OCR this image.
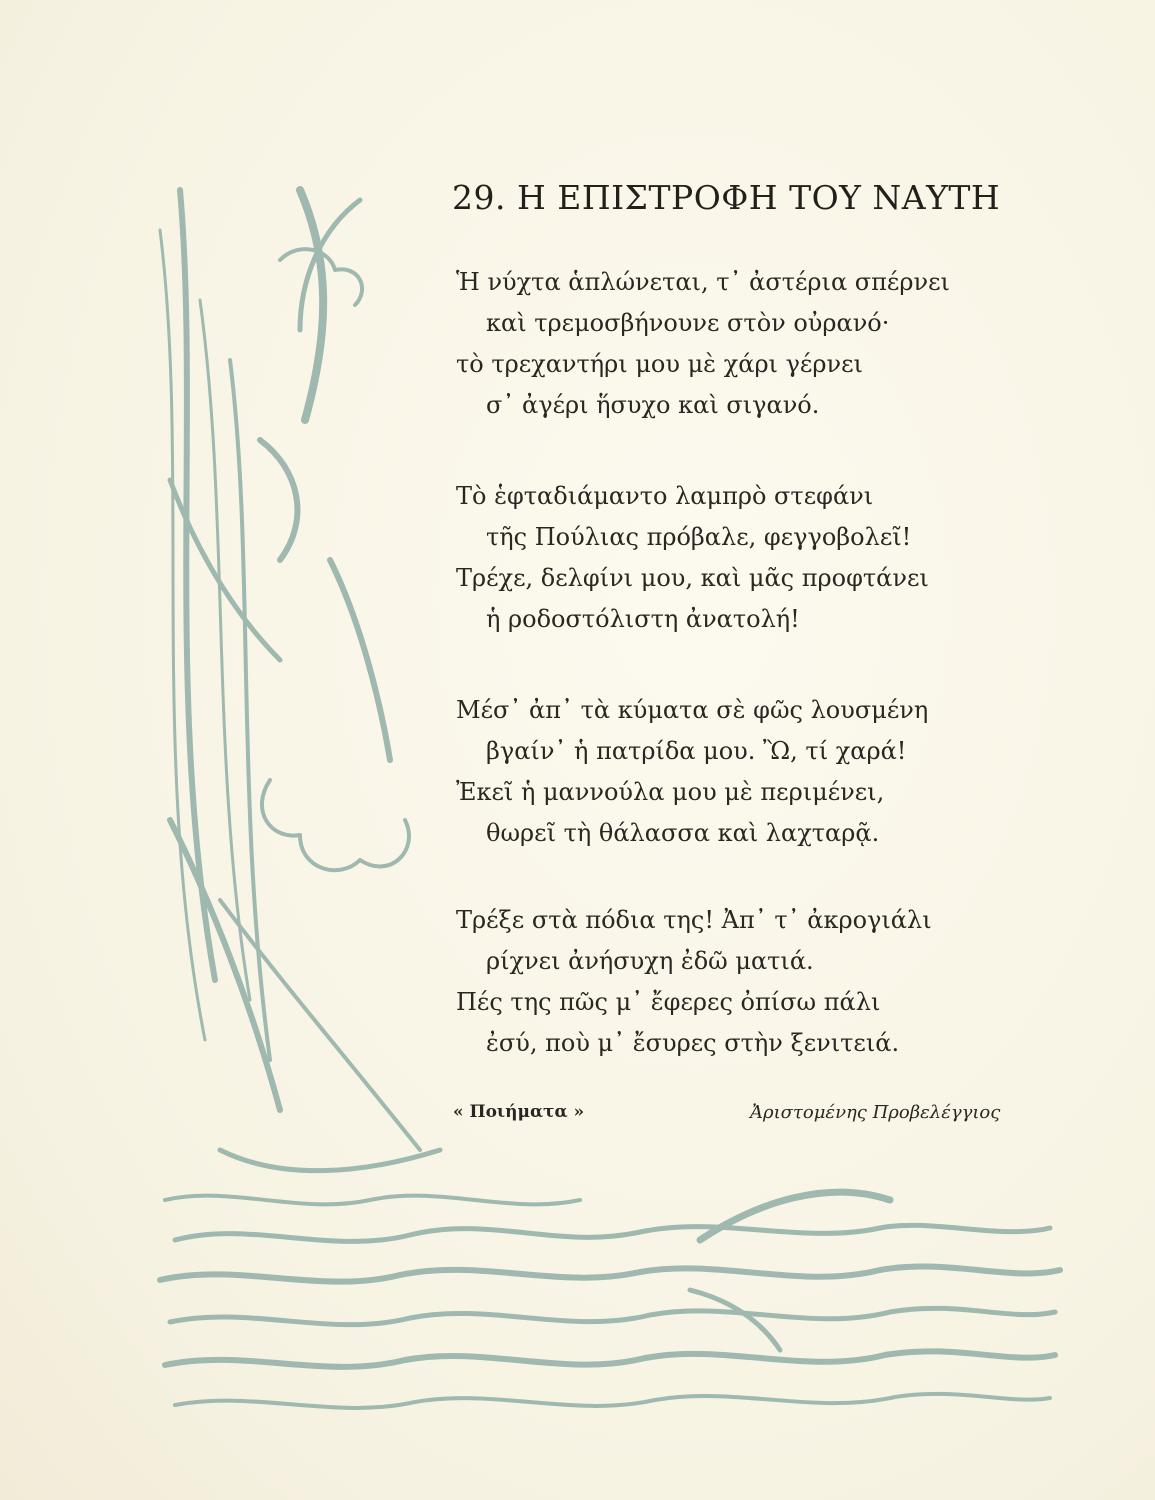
29. Η ΕΠΙΣΤΡΟΦΗ ΤΟΥ ΝΑΥΤΗ
Ἡ νύχτα ἁπλώνεται, τ᾽ ἀστέρια σπέρνει
καὶ τρεμοσβήνουνε στὸν οὐρανό·
τὸ τρεχαντήρι μου μὲ χάρι γέρνει
σ᾽ ἀγέρι ἥσυχο καὶ σιγανό.
Τὸ ἑφταδιάμαντο λαμπρὸ στεφάνι
τῆς Πούλιας πρόβαλε, φεγγοβολεῖ!
Τρέχε, δελφίνι μου, καὶ μᾶς προφτάνει
ἡ ροδοστόλιστη ἀνατολή!
Μέσ᾽ ἀπ᾽ τὰ κύματα σὲ φῶς λουσμένη
βγαίν᾽ ἡ πατρίδα μου. Ὢ, τί χαρά!
Ἐκεῖ ἡ μαννούλα μου μὲ περιμένει,
θωρεῖ τὴ θάλασσα καὶ λαχταρᾷ.
Τρέξε στὰ πόδια της! Ἀπ᾽ τ᾽ ἀκρογιάλι
ρίχνει ἀνήσυχη ἐδῶ ματιά.
Πές της πῶς μ᾽ ἔφερες ὀπίσω πάλι
ἐσύ, ποὺ μ᾽ ἔσυρες στὴν ξενιτειά.
« Ποιήματα »	Ἀριστομένης Προβελέγγιος
